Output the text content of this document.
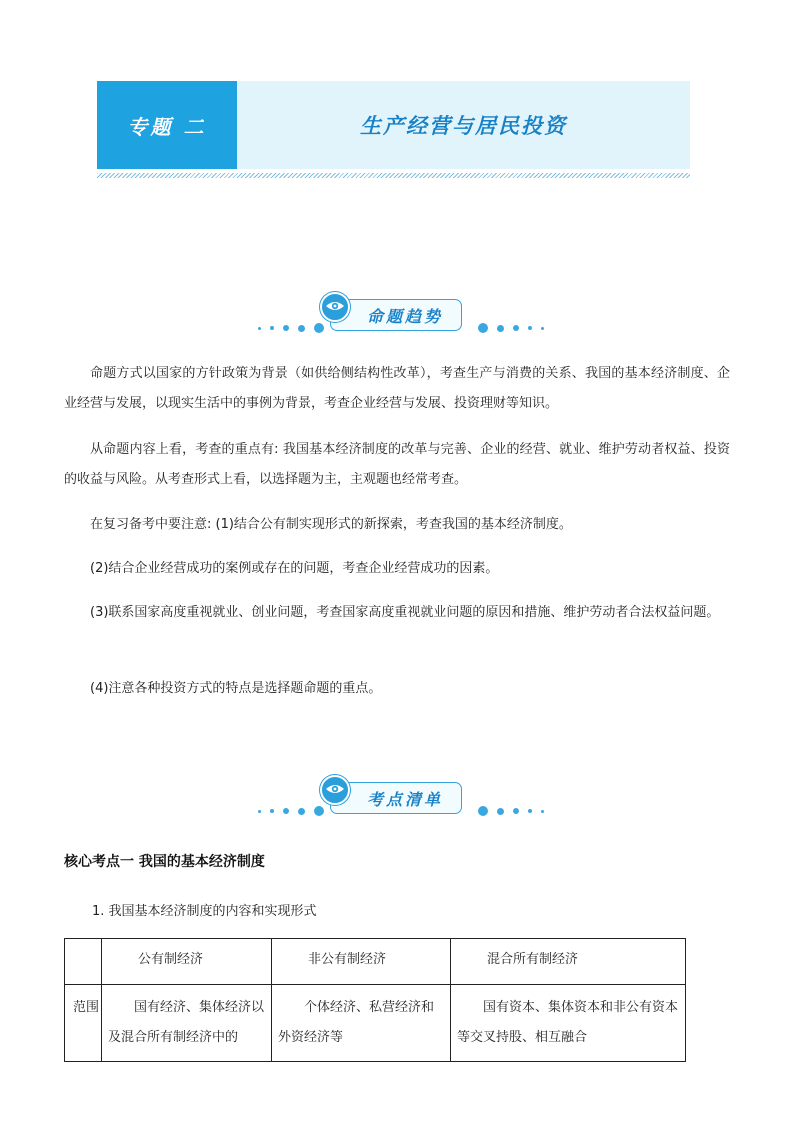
专题 二	生产经营与居民投资
命题趋势
命题方式以国家的方针政策为背景（如供给侧结构性改革），考查生产与消费的关系、我国的基本经济制度、企业经营与发展，以现实生活中的事例为背景，考查企业经营与发展、投资理财等知识。
从命题内容上看，考查的重点有: 我国基本经济制度的改革与完善、企业的经营、就业、维护劳动者权益、投资的收益与风险。从考查形式上看，以选择题为主，主观题也经常考查。
在复习备考中要注意: (1)结合公有制实现形式的新探索，考查我国的基本经济制度。
(2)结合企业经营成功的案例或存在的问题，考查企业经营成功的因素。
(3)联系国家高度重视就业、创业问题，考查国家高度重视就业问题的原因和措施、维护劳动者合法权益问题。
(4)注意各种投资方式的特点是选择题命题的重点。
考点清单
核心考点一 我国的基本经济制度
1. 我国基本经济制度的内容和实现形式

	公有制经济	非公有制经济	混合所有制经济

范围	国有经济、集体经济以及混合所有制经济中的	个体经济、私营经济和外资经济等	国有资本、集体资本和非公有资本等交叉持股、相互融合
